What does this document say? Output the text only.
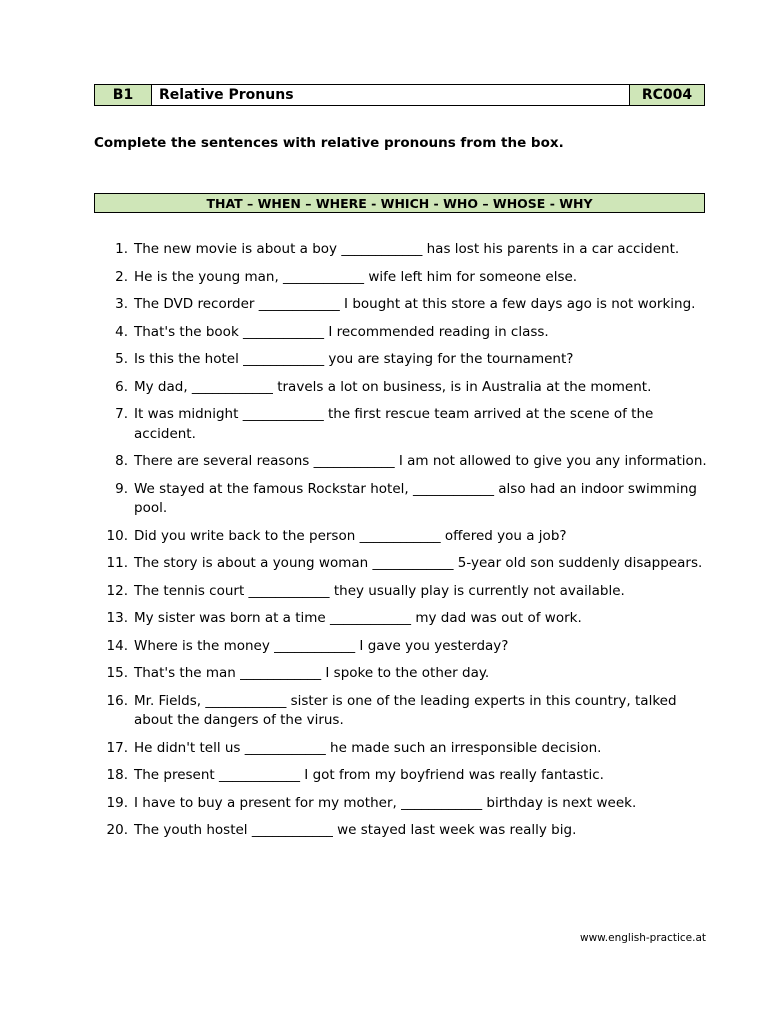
B1	Relative Pronuns	RC004
Complete the sentences with relative pronouns from the box.
THAT – WHEN – WHERE - WHICH - WHO – WHOSE - WHY
1. The new movie is about a boy ____________ has lost his parents in a car accident.
2. He is the young man, ____________ wife left him for someone else.
3. The DVD recorder ____________ I bought at this store a few days ago is not working.
4. That's the book ____________ I recommended reading in class.
5. Is this the hotel ____________ you are staying for the tournament?
6. My dad, ____________ travels a lot on business, is in Australia at the moment.
7. It was midnight ____________ the first rescue team arrived at the scene of the accident.
8. There are several reasons ____________ I am not allowed to give you any information.
9. We stayed at the famous Rockstar hotel, ____________ also had an indoor swimming pool.
10. Did you write back to the person ____________ offered you a job?
11. The story is about a young woman ____________ 5-year old son suddenly disappears.
12. The tennis court ____________ they usually play is currently not available.
13. My sister was born at a time ____________ my dad was out of work.
14. Where is the money ____________ I gave you yesterday?
15. That's the man ____________ I spoke to the other day.
16. Mr. Fields, ____________ sister is one of the leading experts in this country, talked about the dangers of the virus.
17. He didn't tell us ____________ he made such an irresponsible decision.
18. The present ____________ I got from my boyfriend was really fantastic.
19. I have to buy a present for my mother, ____________ birthday is next week.
20. The youth hostel ____________ we stayed last week was really big.
www.english-practice.at
